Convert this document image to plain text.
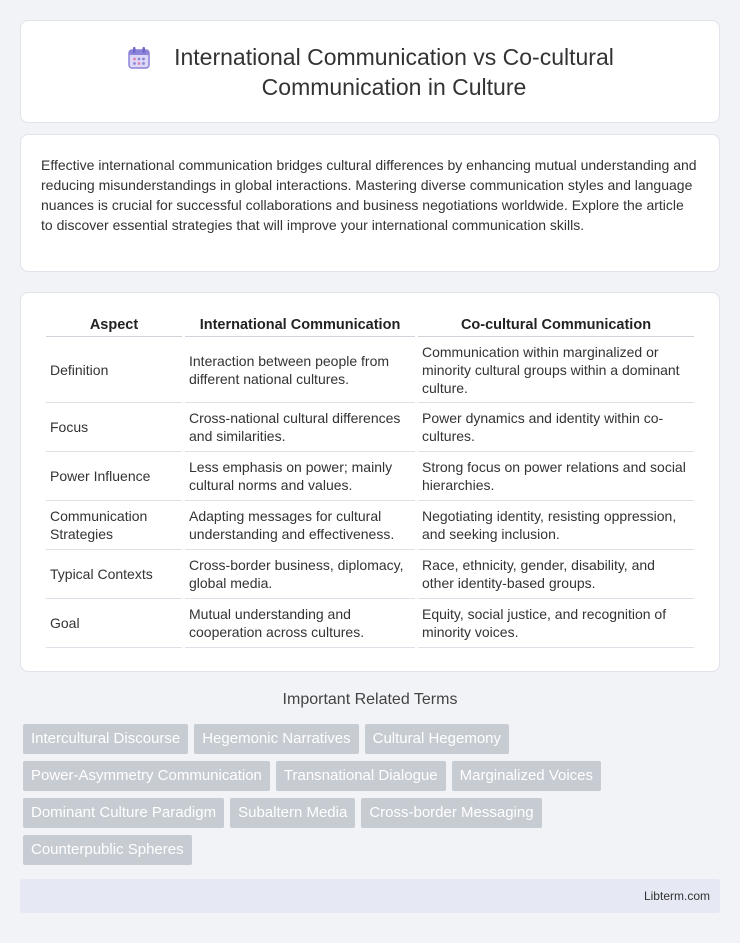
International Communication vs Co-cultural
Communication in Culture

Effective international communication bridges cultural differences by enhancing mutual understanding and reducing misunderstandings in global interactions. Mastering diverse communication styles and language nuances is crucial for successful collaborations and business negotiations worldwide. Explore the article to discover essential strategies that will improve your international communication skills.

Aspect	International Communication	Co-cultural Communication
Definition	Interaction between people from different national cultures.	Communication within marginalized or minority cultural groups within a dominant culture.
Focus	Cross-national cultural differences and similarities.	Power dynamics and identity within co-cultures.
Power Influence	Less emphasis on power; mainly cultural norms and values.	Strong focus on power relations and social hierarchies.
Communication Strategies	Adapting messages for cultural understanding and effectiveness.	Negotiating identity, resisting oppression, and seeking inclusion.
Typical Contexts	Cross-border business, diplomacy, global media.	Race, ethnicity, gender, disability, and other identity-based groups.
Goal	Mutual understanding and cooperation across cultures.	Equity, social justice, and recognition of minority voices.
Important Related Terms
Intercultural Discourse	Hegemonic Narratives	Cultural Hegemony
Power-Asymmetry Communication	Transnational Dialogue	Marginalized Voices
Dominant Culture Paradigm	Subaltern Media	Cross-border Messaging
Counterpublic Spheres
Libterm.com
